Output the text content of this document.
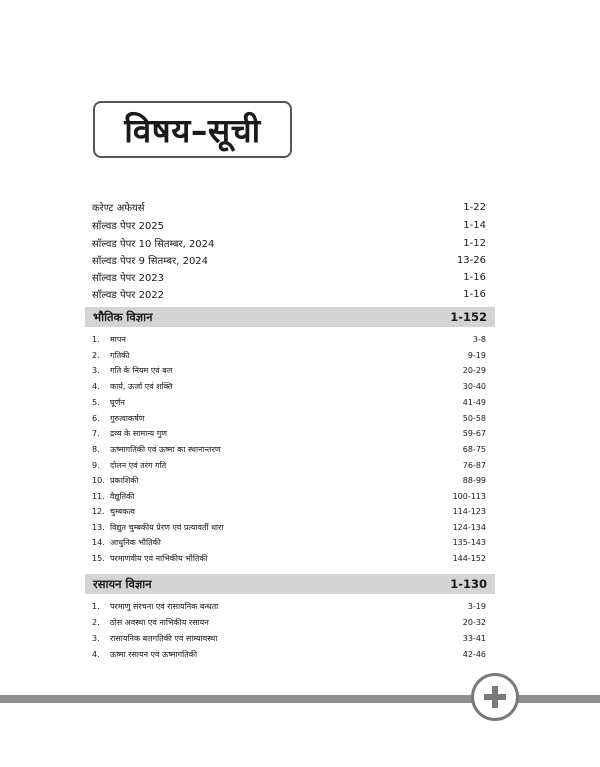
विषय–सूची
करेण्ट अफेयर्स	1-22
सॉल्वड पेपर 2025	1-14
सॉल्वड पेपर 10 सितम्बर, 2024	1-12
सॉल्वड पेपर 9 सितम्बर, 2024	13-26
सॉल्वड पेपर 2023	1-16
सॉल्वड पेपर 2022	1-16
भौतिक विज्ञान	1-152
1. मापन	3-8
2. गतिकी	9-19
3. गति के नियम एवं बल	20-29
4. कार्य, ऊर्जा एवं शक्ति	30-40
5. घूर्णन	41-49
6. गुरुत्वाकर्षण	50-58
7. द्रव्य के सामान्य गुण	59-67
8. ऊष्मागतिकी एवं ऊष्मा का स्थानान्तरण	68-75
9. दोलन एवं तरंग गति	76-87
10. प्रकाशिकी	88-99
11. वैद्युतिकी	100-113
12. चुम्बकत्व	114-123
13. विद्युत चुम्बकीय प्रेरण एवं प्रत्यावर्ती धारा	124-134
14. आधुनिक भौतिकी	135-143
15. परमाणवीय एवं नाभिकीय भौतिकी	144-152
रसायन विज्ञान	1-130
1. परमाणु संरचना एवं रासायनिक बन्धता	3-19
2. ठोस अवस्था एवं नाभिकीय रसायन	20-32
3. रासायनिक बलगतिकी एवं साम्यावस्था	33-41
4. ऊष्मा रसायन एवं ऊष्मागतिकी	42-46
